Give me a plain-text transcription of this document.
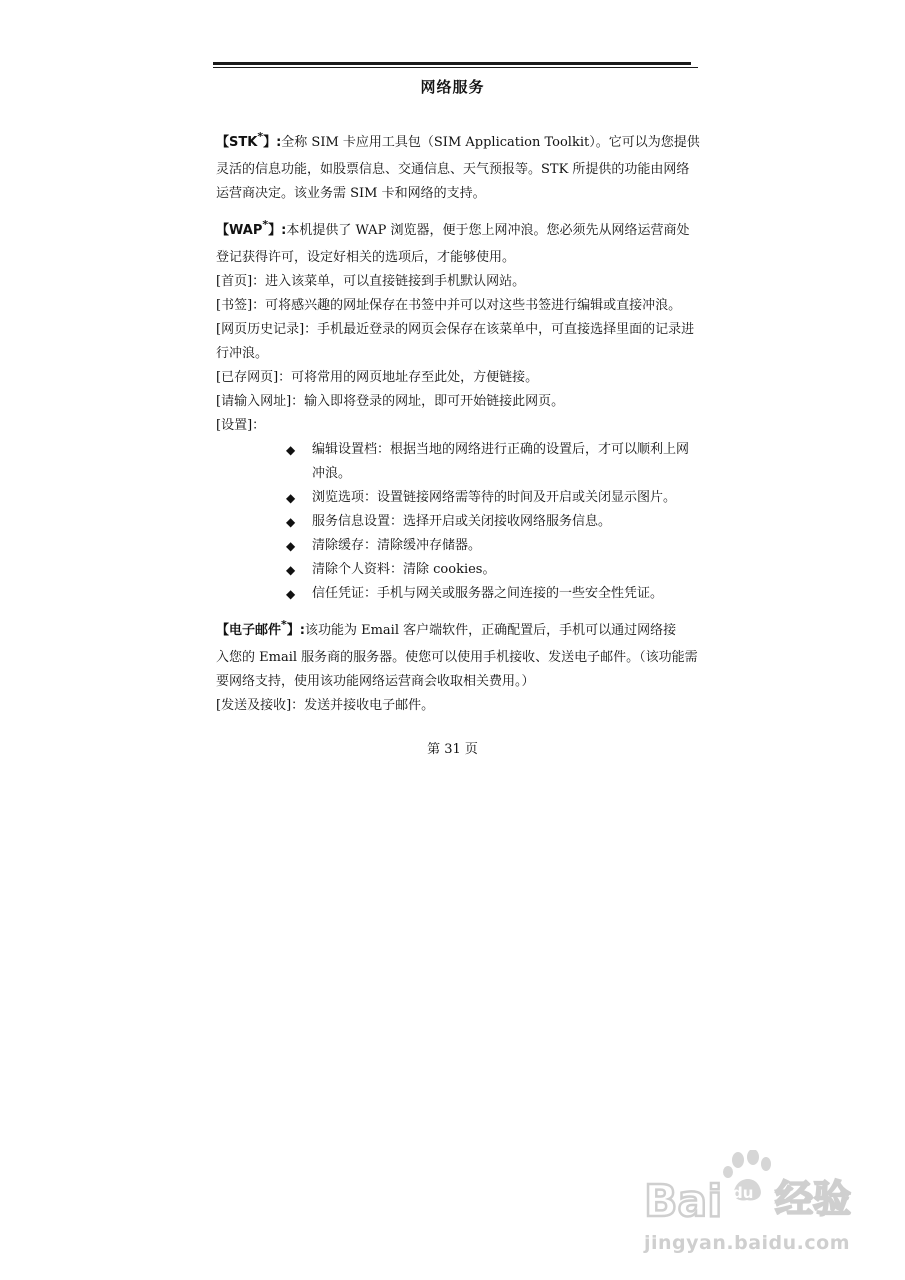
网络服务

【STK*】:全称 SIM 卡应用工具包（SIM Application Toolkit）。它可以为您提供

灵活的信息功能，如股票信息、交通信息、天气预报等。STK 所提供的功能由网络运营商决定。该业务需 SIM 卡和网络的支持。

【WAP*】:本机提供了 WAP 浏览器，便于您上网冲浪。您必须先从网络运营商处

登记获得许可，设定好相关的选项后，才能够使用。

[首页]：进入该菜单，可以直接链接到手机默认网站。

[书签]：可将感兴趣的网址保存在书签中并可以对这些书签进行编辑或直接冲浪。

[网页历史记录]：手机最近登录的网页会保存在该菜单中，可直接选择里面的记录进行冲浪。

[已存网页]：可将常用的网页地址存至此处，方便链接。

[请输入网址]：输入即将登录的网址，即可开始链接此网页。

[设置]：

◆ 编辑设置档：根据当地的网络进行正确的设置后，才可以顺利上网冲浪。
◆ 浏览选项：设置链接网络需等待的时间及开启或关闭显示图片。
◆ 服务信息设置：选择开启或关闭接收网络服务信息。
◆ 清除缓存：清除缓冲存储器。
◆ 清除个人资料：清除 cookies。
◆ 信任凭证：手机与网关或服务器之间连接的一些安全性凭证。

【电子邮件*】:该功能为 Email 客户端软件，正确配置后，手机可以通过网络接

入您的 Email 服务商的服务器。使您可以使用手机接收、发送电子邮件。（该功能需要网络支持，使用该功能网络运营商会收取相关费用。）

[发送及接收]：发送并接收电子邮件。

第 31 页
Bai du 经验
jingyan.baidu.com
